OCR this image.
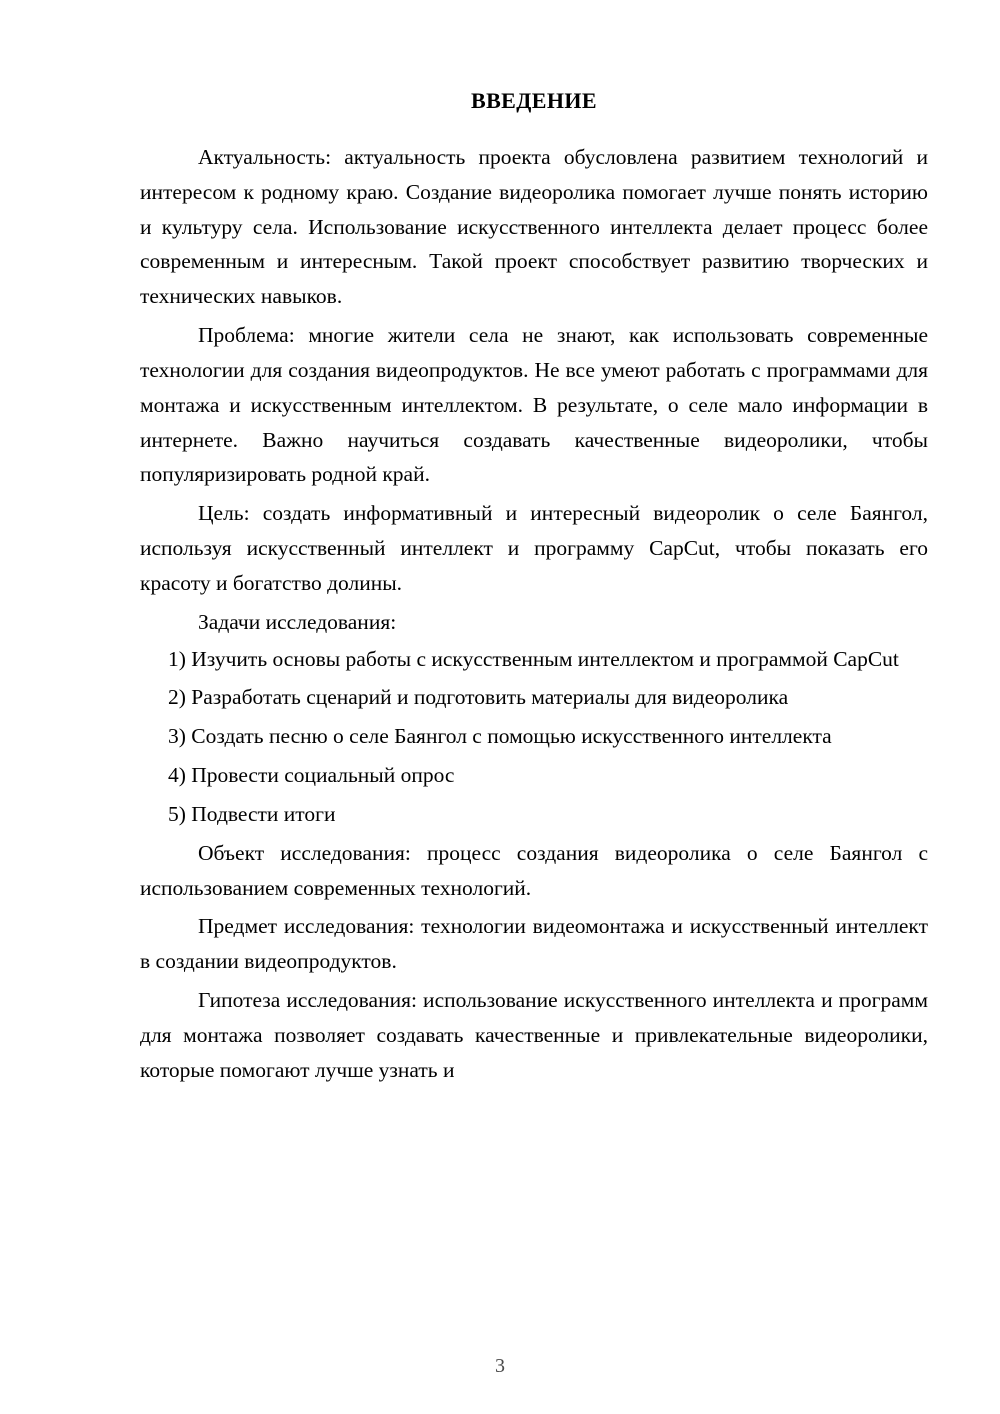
ВВЕДЕНИЕ

Актуальность: актуальность проекта обусловлена развитием технологий и интересом к родному краю. Создание видеоролика помогает лучше понять историю и культуру села. Использование искусственного интеллекта делает процесс более современным и интересным. Такой проект способствует развитию творческих и технических навыков.

Проблема: многие жители села не знают, как использовать современные технологии для создания видеопродуктов. Не все умеют работать с программами для монтажа и искусственным интеллектом. В результате, о селе мало информации в интернете. Важно научиться создавать качественные видеоролики, чтобы популяризировать родной край.

Цель: создать информативный и интересный видеоролик о селе Баянгол, используя искусственный интеллект и программу CapCut, чтобы показать его красоту и богатство долины.

Задачи исследования:

1) Изучить основы работы с искусственным интеллектом и программой CapCut

2) Разработать сценарий и подготовить материалы для видеоролика

3) Создать песню о селе Баянгол с помощью искусственного интеллекта

4) Провести социальный опрос

5) Подвести итоги

Объект исследования: процесс создания видеоролика о селе Баянгол с использованием современных технологий.

Предмет исследования: технологии видеомонтажа и искусственный интеллект в создании видеопродуктов.

Гипотеза исследования: использование искусственного интеллекта и программ для монтажа позволяет создавать качественные и привлекательные видеоролики, которые помогают лучше узнать и

3
